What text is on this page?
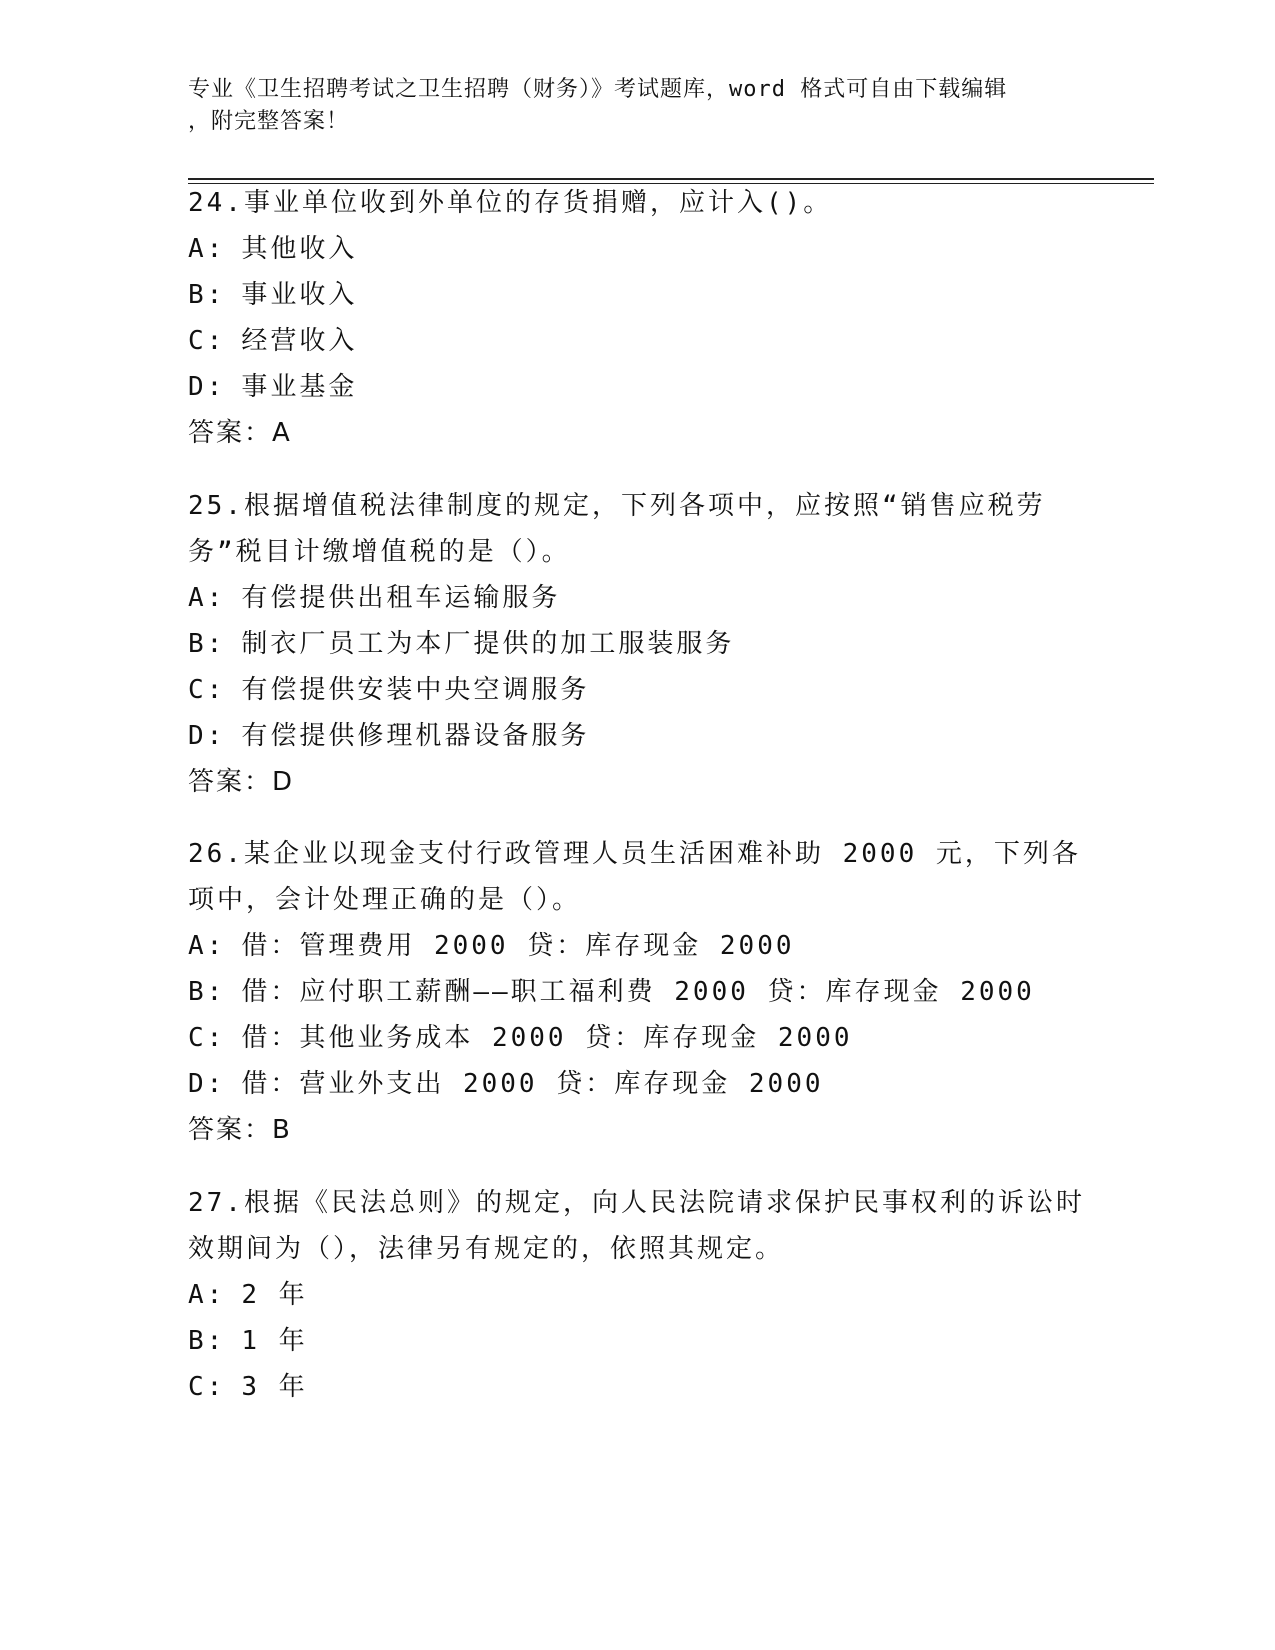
专业《卫生招聘考试之卫生招聘（财务）》考试题库，word 格式可自由下载编辑
，附完整答案！

24.事业单位收到外单位的存货捐赠，应计入()。

A: 其他收入

B: 事业收入

C: 经营收入

D: 事业基金

答案：A

25.根据增值税法律制度的规定，下列各项中，应按照“销售应税劳务”税目计缴增值税的是（）。

A: 有偿提供出租车运输服务

B: 制衣厂员工为本厂提供的加工服装服务

C: 有偿提供安装中央空调服务

D: 有偿提供修理机器设备服务

答案：D

26.某企业以现金支付行政管理人员生活困难补助 2000 元，下列各项中，会计处理正确的是（）。

A: 借：管理费用 2000 贷：库存现金 2000

B: 借：应付职工薪酬——职工福利费 2000 贷：库存现金 2000

C: 借：其他业务成本 2000 贷：库存现金 2000

D: 借：营业外支出 2000 贷：库存现金 2000

答案：B

27.根据《民法总则》的规定，向人民法院请求保护民事权利的诉讼时效期间为（），法律另有规定的，依照其规定。

A: 2 年

B: 1 年

C: 3 年
